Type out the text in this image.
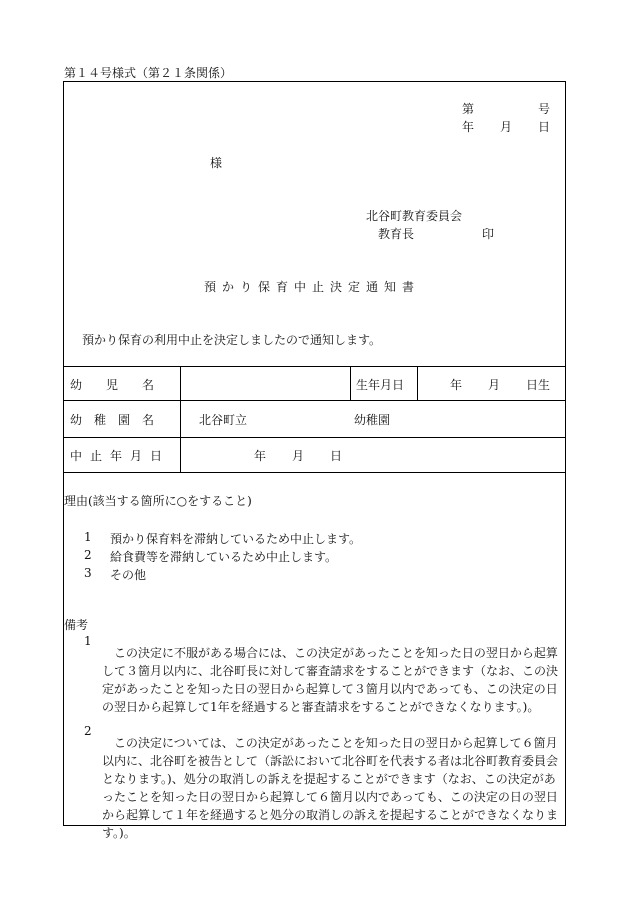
第１４号様式（第２１条関係）
第	号
年 月 日
様
北谷町教育委員会
教育長	印
預かり保育中止決定通知書
預かり保育の利用中止を決定しましたので通知します。
幼　　児　　名	生年月日	年 月 日生
幼　稚　園　名	北谷町立	幼稚園
中止年月日	年 月 日
理由(該当する箇所に○をすること)
1 預かり保育料を滞納しているため中止します。
2 給食費等を滞納しているため中止します。
3 その他
備考
1

この決定に不服がある場合には、この決定があったことを知った日の翌日から起算して３箇月以内に、北谷町長に対して審査請求をすることができます（なお、この決定があったことを知った日の翌日から起算して３箇月以内であっても、この決定の日の翌日から起算して1年を経過すると審査請求をすることができなくなります。)。

2

この決定については、この決定があったことを知った日の翌日から起算して６箇月以内に、北谷町を被告として（訴訟において北谷町を代表する者は北谷町教育委員会となります。)、処分の取消しの訴えを提起することができます（なお、この決定があったことを知った日の翌日から起算して６箇月以内であっても、この決定の日の翌日から起算して１年を経過すると処分の取消しの訴えを提起することができなくなります。)。
